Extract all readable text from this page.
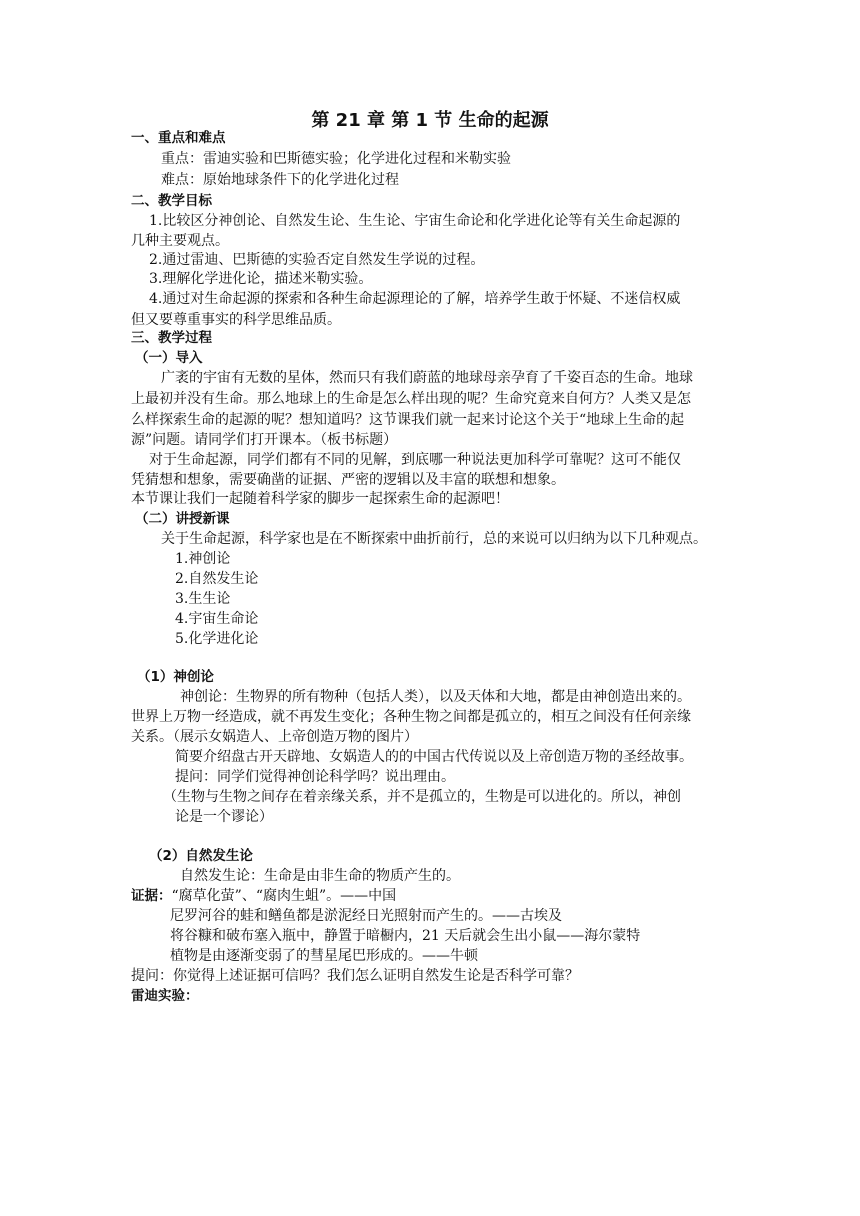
第 21 章 第 1 节 生命的起源
一、重点和难点
重点：雷迪实验和巴斯德实验；化学进化过程和米勒实验
难点：原始地球条件下的化学进化过程
二、教学目标
1.比较区分神创论、自然发生论、生生论、宇宙生命论和化学进化论等有关生命起源的
几种主要观点。
2.通过雷迪、巴斯德的实验否定自然发生学说的过程。
3.理解化学进化论，描述米勒实验。
4.通过对生命起源的探索和各种生命起源理论的了解，培养学生敢于怀疑、不迷信权威
但又要尊重事实的科学思维品质。
三、教学过程
（一）导入
广袤的宇宙有无数的星体，然而只有我们蔚蓝的地球母亲孕育了千姿百态的生命。地球
上最初并没有生命。那么地球上的生命是怎么样出现的呢？生命究竟来自何方？人类又是怎
么样探索生命的起源的呢？想知道吗？这节课我们就一起来讨论这个关于“地球上生命的起
源”问题。请同学们打开课本。（板书标题）
对于生命起源，同学们都有不同的见解，到底哪一种说法更加科学可靠呢？这可不能仅
凭猜想和想象，需要确凿的证据、严密的逻辑以及丰富的联想和想象。
本节课让我们一起随着科学家的脚步一起探索生命的起源吧！
（二）讲授新课
关于生命起源，科学家也是在不断探索中曲折前行，总的来说可以归纳为以下几种观点。
1.神创论
2.自然发生论
3.生生论
4.宇宙生命论
5.化学进化论
（1）神创论
神创论：生物界的所有物种（包括人类），以及天体和大地，都是由神创造出来的。
世界上万物一经造成，就不再发生变化；各种生物之间都是孤立的，相互之间没有任何亲缘
关系。（展示女娲造人、上帝创造万物的图片）
简要介绍盘古开天辟地、女娲造人的的中国古代传说以及上帝创造万物的圣经故事。
提问：同学们觉得神创论科学吗？说出理由。
（生物与生物之间存在着亲缘关系，并不是孤立的，生物是可以进化的。所以，神创
论是一个谬论）
（2）自然发生论
自然发生论：生命是由非生命的物质产生的。
证据：“腐草化萤”、“腐肉生蛆”。——中国
尼罗河谷的蛙和鳝鱼都是淤泥经日光照射而产生的。——古埃及
将谷糠和破布塞入瓶中，静置于暗橱内，21 天后就会生出小鼠——海尔蒙特
植物是由逐渐变弱了的彗星尾巴形成的。——牛顿
提问：你觉得上述证据可信吗？我们怎么证明自然发生论是否科学可靠？
雷迪实验：
